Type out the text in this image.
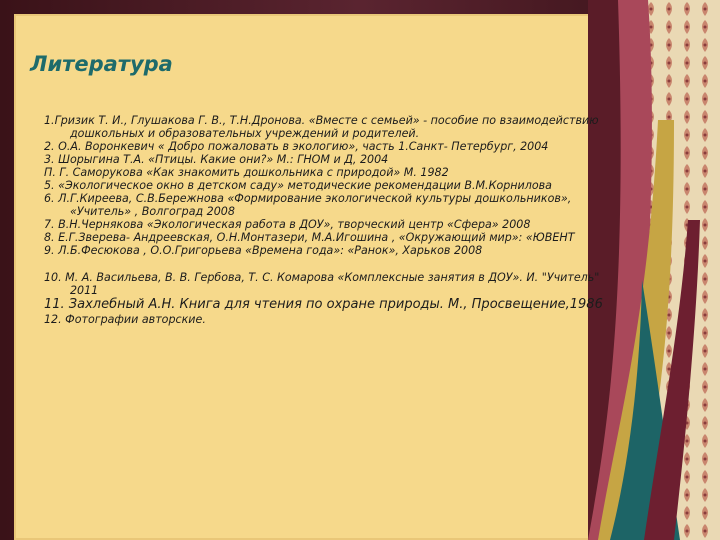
Литература
1.Гризик Т. И., Глушакова Г. В., Т.Н.Дронова. «Вместе с семьей» - пособие по взаимодействию дошкольных и образовательных учреждений и родителей.
2. О.А. Воронкевич « Добро пожаловать в экологию», часть 1.Санкт- Петербург, 2004
3. Шорыгина Т.А. «Птицы. Какие они?» М.: ГНОМ и Д, 2004
П. Г. Саморукова «Как знакомить дошкольника с природой» М. 1982
5. «Экологическое окно в детском саду» методические рекомендации В.М.Корнилова
6. Л.Г.Киреева, С.В.Бережнова «Формирование экологической культуры дошкольников», «Учитель» , Волгоград 2008
7. В.Н.Чернякова «Экологическая работа в ДОУ», творческий центр «Сфера» 2008
8. Е.Г.Зверева- Андреевская, О.Н.Монтазери, М.А.Игошина , «Окружающий мир»: «ЮВЕНТ
9. Л.Б.Фесюкова , О.О.Григорьева «Времена года»: «Ранок», Харьков 2008
10. М. А. Васильева, В. В. Гербова, Т. С. Комарова «Комплексные занятия в ДОУ». И. "Учитель" 2011
11. Захлебный А.Н. Книга для чтения по охране природы. М., Просвещение,1986
12. Фотографии авторские.
